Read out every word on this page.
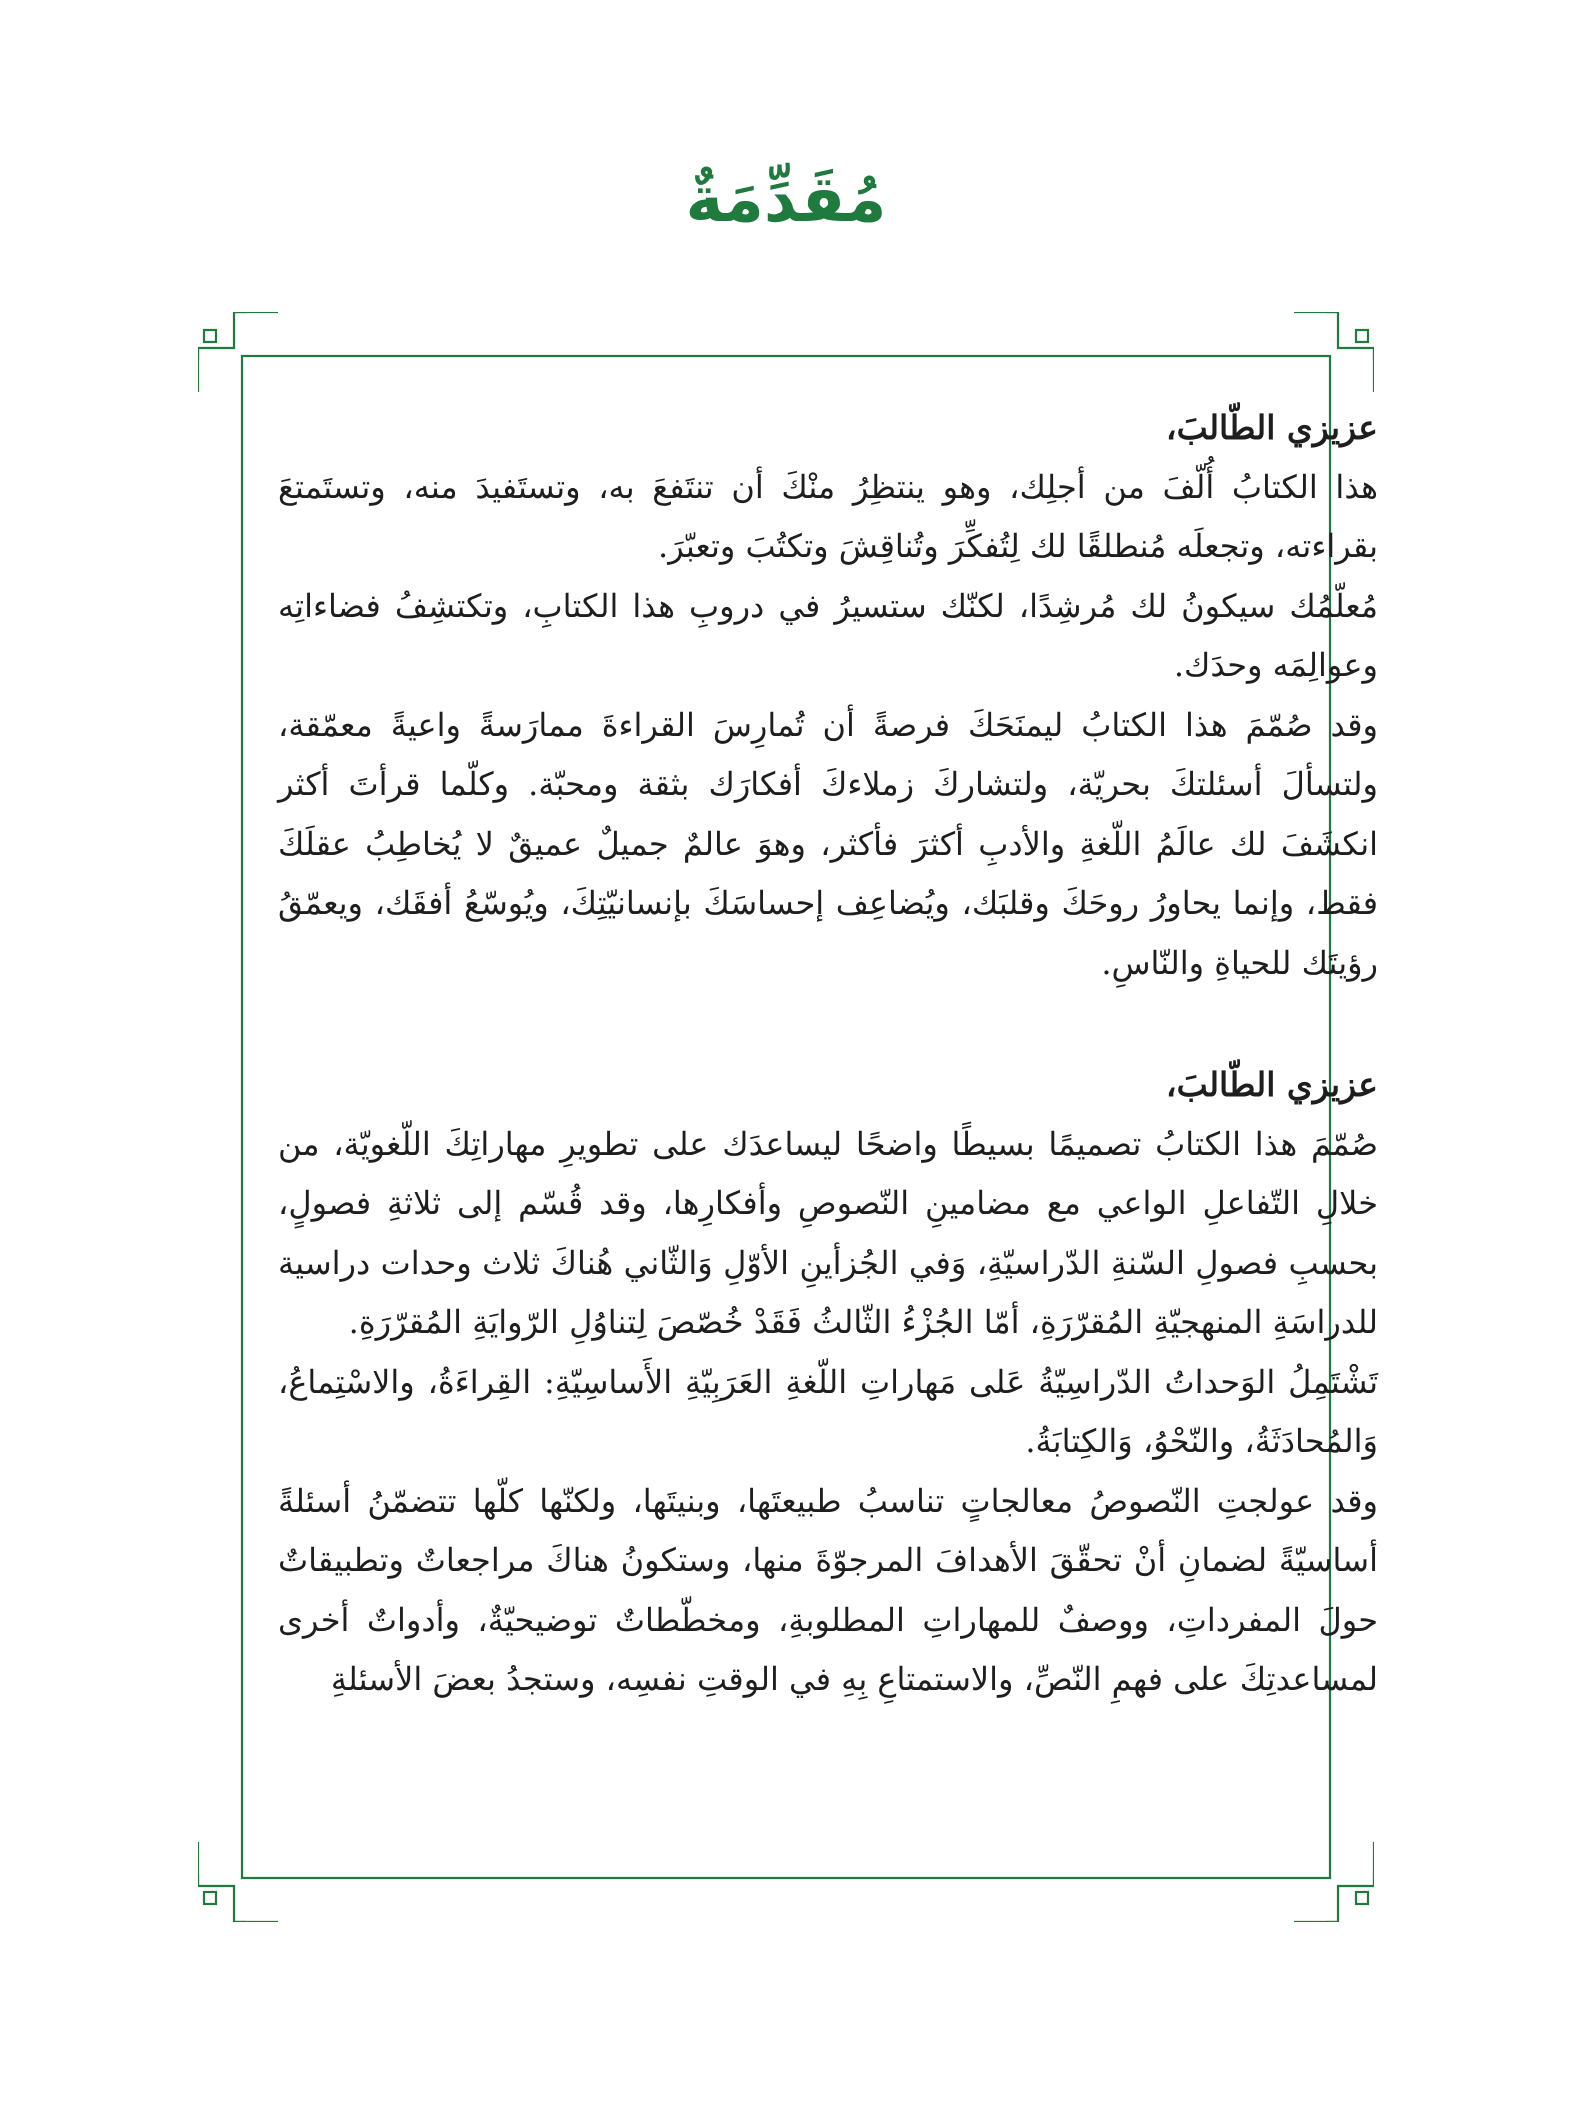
مُقَدِّمَةٌ

عزيزي الطّالبَ،

هذا الكتابُ أُلّفَ من أجلِك، وهو ينتظِرُ منْكَ أن تنتَفعَ به، وتستَفيدَ منه، وتستَمتعَ بقراءته، وتجعلَه مُنطلقًا لك لِتُفكِّرَ وتُناقِشَ وتكتُبَ وتعبّرَ.

مُعلّمُك سيكونُ لك مُرشِدًا، لكنّك ستسيرُ في دروبِ هذا الكتابِ، وتكتشِفُ فضاءاتِه وعوالِمَه وحدَك.

وقد صُمّمَ هذا الكتابُ ليمنَحَكَ فرصةً أن تُمارِسَ القراءةَ ممارَسةً واعيةً معمّقة، ولتسألَ أسئلتكَ بحريّة، ولتشاركَ زملاءكَ أفكارَك بثقة ومحبّة. وكلّما قرأتَ أكثر انكشَفَ لك عالَمُ اللّغةِ والأدبِ أكثرَ فأكثر، وهوَ عالمٌ جميلٌ عميقٌ لا يُخاطِبُ عقلَكَ فقط، وإنما يحاورُ روحَكَ وقلبَك، ويُضاعِف إحساسَكَ بإنسانيّتِكَ، ويُوسّعُ أفقَك، ويعمّقُ رؤيتَك للحياةِ والنّاسِ.

عزيزي الطّالبَ،

صُمّمَ هذا الكتابُ تصميمًا بسيطًا واضحًا ليساعدَك على تطويرِ مهاراتِكَ اللّغويّة، من خلالِ التّفاعلِ الواعي مع مضامينِ النّصوصِ وأفكارِها، وقد قُسّم إلى ثلاثةِ فصولٍ، بحسبِ فصولِ السّنةِ الدّراسيّةِ، وَفي الجُزأينِ الأوّلِ وَالثّاني هُناكَ ثلاث وحدات دراسية للدراسَةِ المنهجيّةِ المُقرّرَةِ، أمّا الجُزْءُ الثّالثُ فَقَدْ خُصّصَ لِتناوُلِ الرّوايَةِ المُقرّرَةِ.

تَشْتَمِلُ الوَحداتُ الدّراسِيّةُ عَلى مَهاراتِ اللّغةِ العَرَبِيّةِ الأَساسِيّةِ: القِراءَةُ، والاسْتِماعُ، وَالمُحادَثَةُ، والنّحْوُ، وَالكِتابَةُ.

وقد عولجتِ النّصوصُ معالجاتٍ تناسبُ طبيعتَها، وبنيتَها، ولكنّها كلّها تتضمّنُ أسئلةً أساسيّةً لضمانِ أنْ تحقّقَ الأهدافَ المرجوّةَ منها، وستكونُ هناكَ مراجعاتٌ وتطبيقاتٌ حولَ المفرداتِ، ووصفٌ للمهاراتِ المطلوبةِ، ومخطّطاتٌ توضيحيّةٌ، وأدواتٌ أخرى لمساعدتِكَ على فهمِ النّصِّ، والاستمتاعِ بِهِ في الوقتِ نفسِه، وستجدُ بعضَ الأسئلةِ
